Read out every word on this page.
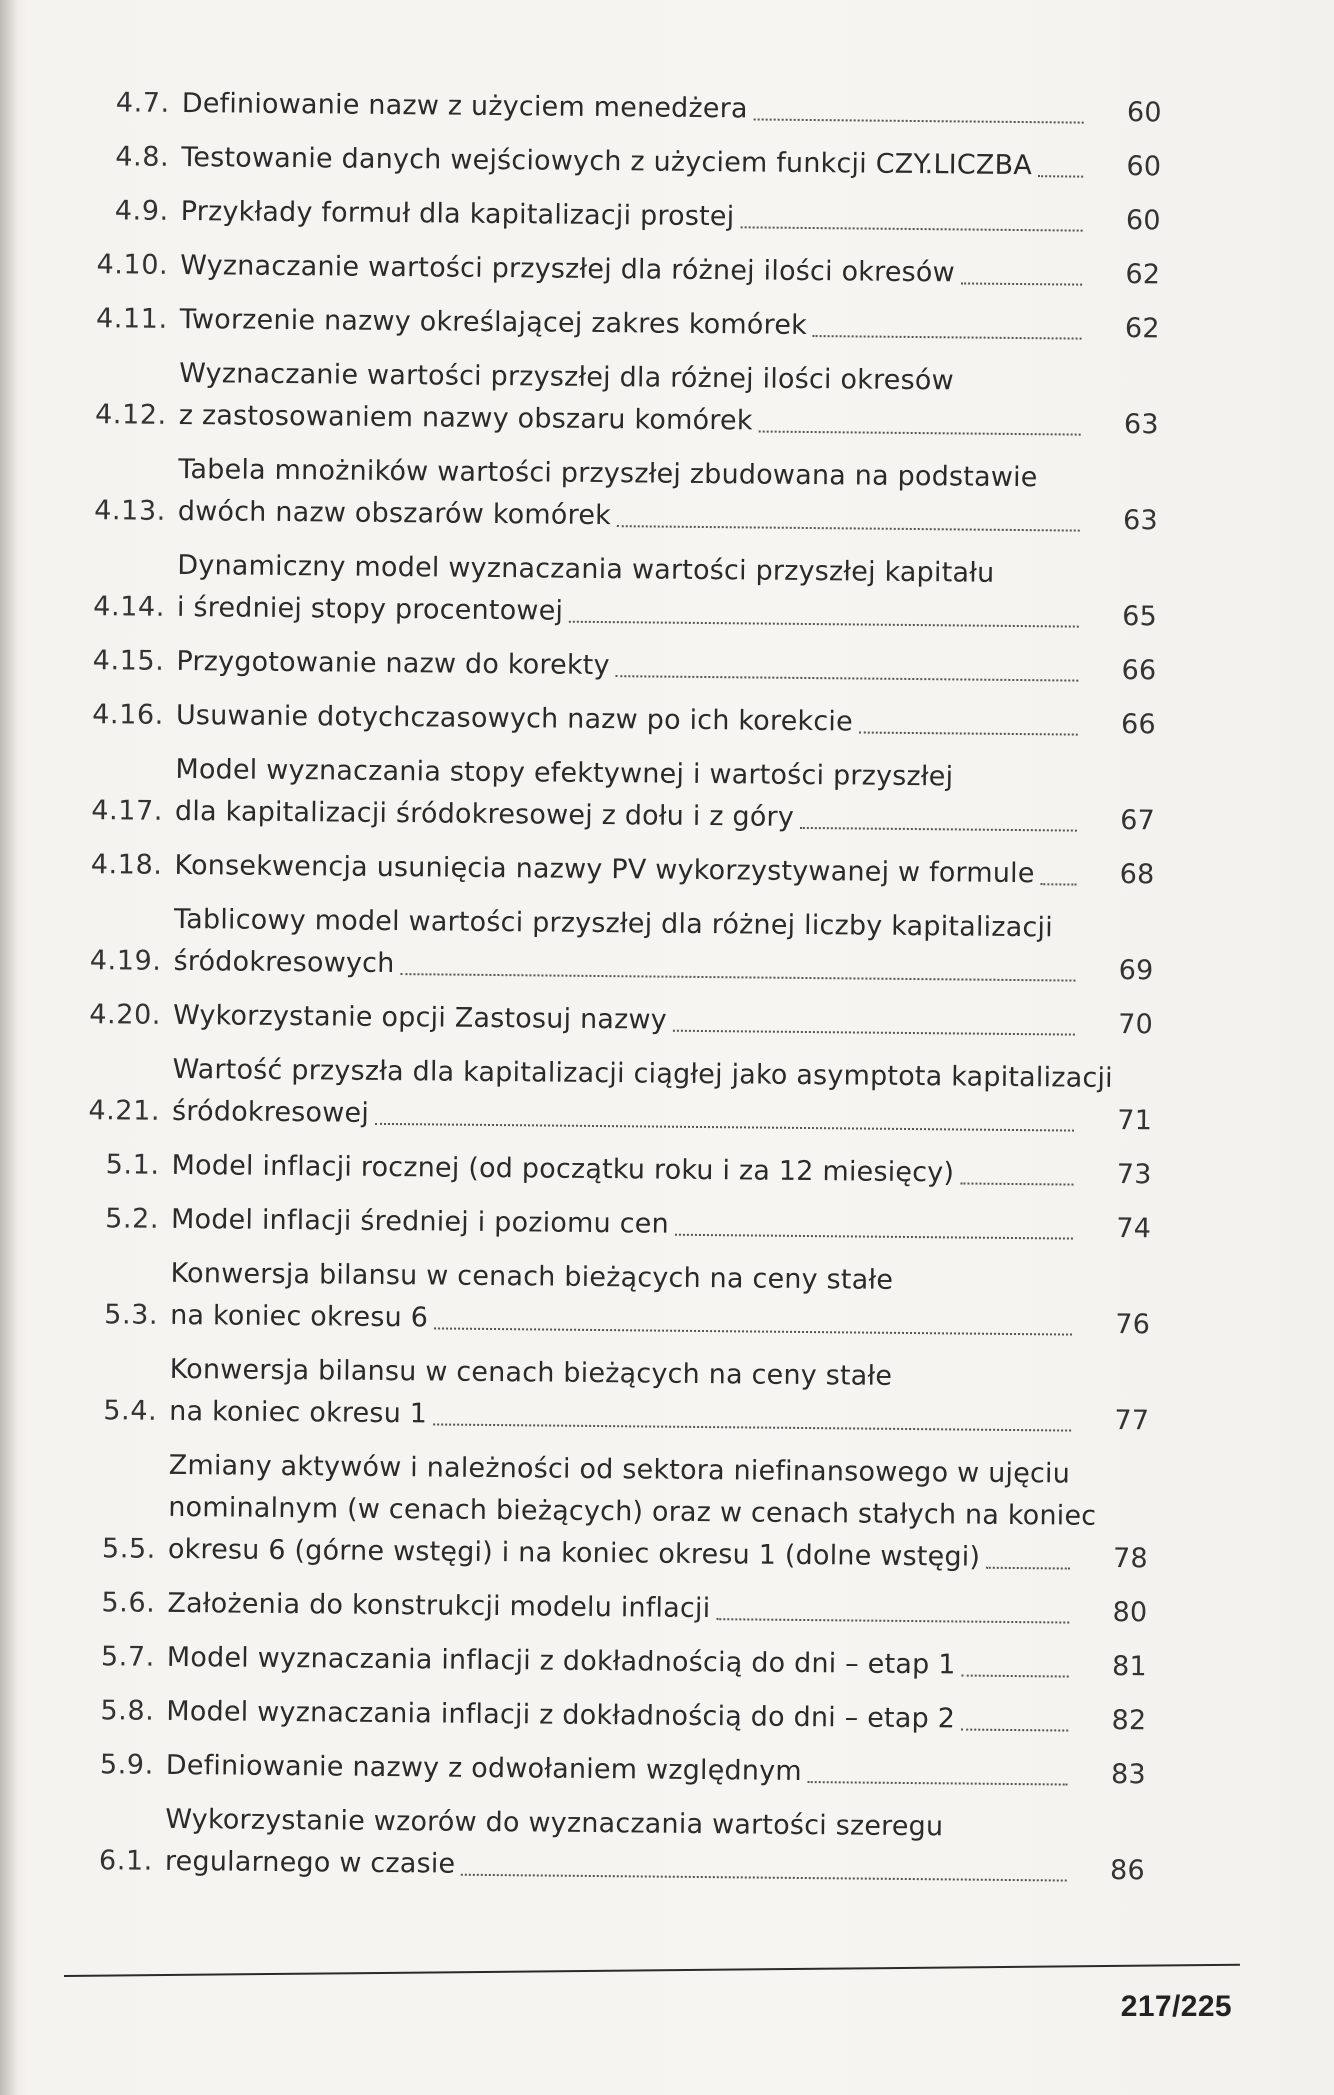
4.7. Definiowanie nazw z użyciem menedżera	60
4.8. Testowanie danych wejściowych z użyciem funkcji CZY.LICZBA	60
4.9. Przykłady formuł dla kapitalizacji prostej	60
4.10. Wyznaczanie wartości przyszłej dla różnej ilości okresów	62
4.11. Tworzenie nazwy określającej zakres komórek	62
4.12.
Wyznaczanie wartości przyszłej dla różnej ilości okresów
z zastosowaniem nazwy obszaru komórek	63
4.13.
Tabela mnożników wartości przyszłej zbudowana na podstawie
dwóch nazw obszarów komórek	63
4.14.
Dynamiczny model wyznaczania wartości przyszłej kapitału
i średniej stopy procentowej	65
4.15. Przygotowanie nazw do korekty	66
4.16. Usuwanie dotychczasowych nazw po ich korekcie	66
4.17.
Model wyznaczania stopy efektywnej i wartości przyszłej
dla kapitalizacji śródokresowej z dołu i z góry	67
4.18. Konsekwencja usunięcia nazwy PV wykorzystywanej w formule	68
4.19.
Tablicowy model wartości przyszłej dla różnej liczby kapitalizacji
śródokresowych	69
4.20. Wykorzystanie opcji Zastosuj nazwy	70
4.21.
Wartość przyszła dla kapitalizacji ciągłej jako asymptota kapitalizacji
śródokresowej	71
5.1. Model inflacji rocznej (od początku roku i za 12 miesięcy)	73
5.2. Model inflacji średniej i poziomu cen	74
5.3.
Konwersja bilansu w cenach bieżących na ceny stałe
na koniec okresu 6	76
5.4.
Konwersja bilansu w cenach bieżących na ceny stałe
na koniec okresu 1	77
5.5.
Zmiany aktywów i należności od sektora niefinansowego w ujęciu
nominalnym (w cenach bieżących) oraz w cenach stałych na koniec
okresu 6 (górne wstęgi) i na koniec okresu 1 (dolne wstęgi)	78
5.6. Założenia do konstrukcji modelu inflacji	80
5.7. Model wyznaczania inflacji z dokładnością do dni – etap 1	81
5.8. Model wyznaczania inflacji z dokładnością do dni – etap 2	82
5.9. Definiowanie nazwy z odwołaniem względnym	83
6.1.
Wykorzystanie wzorów do wyznaczania wartości szeregu
regularnego w czasie	86
217/225
